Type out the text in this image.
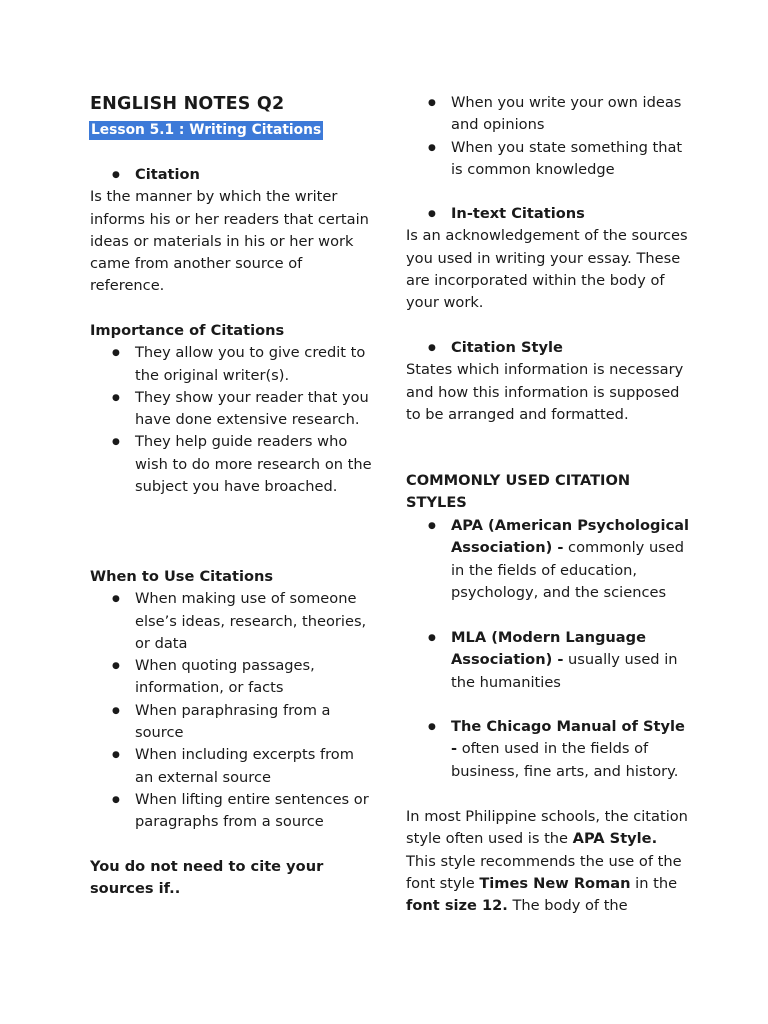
ENGLISH NOTES Q2
Lesson 5.1 : Writing Citations
● Citation

Is the manner by which the writer informs his or her readers that certain ideas or materials in his or her work came from another source of reference.

Importance of Citations
● They allow you to give credit to the original writer(s).
● They show your reader that you have done extensive research.
● They help guide readers who wish to do more research on the subject you have broached.
When to Use Citations
● When making use of someone else’s ideas, research, theories, or data
● When quoting passages, information, or facts
● When paraphrasing from a source
● When including excerpts from an external source
● When lifting entire sentences or paragraphs from a source
You do not need to cite your sources if..
● When you write your own ideas and opinions
● When you state something that is common knowledge
● In-text Citations

Is an acknowledgement of the sources you used in writing your essay. These are incorporated within the body of your work.

● Citation Style

States which information is necessary and how this information is supposed to be arranged and formatted.

COMMONLY USED CITATION STYLES
● APA (American Psychological Association) - commonly used in the fields of education, psychology, and the sciences
● MLA (Modern Language Association) - usually used in the humanities
● The Chicago Manual of Style - often used in the fields of business, fine arts, and history.

In most Philippine schools, the citation style often used is the APA Style. This style recommends the use of the font style Times New Roman in the font size 12. The body of the
